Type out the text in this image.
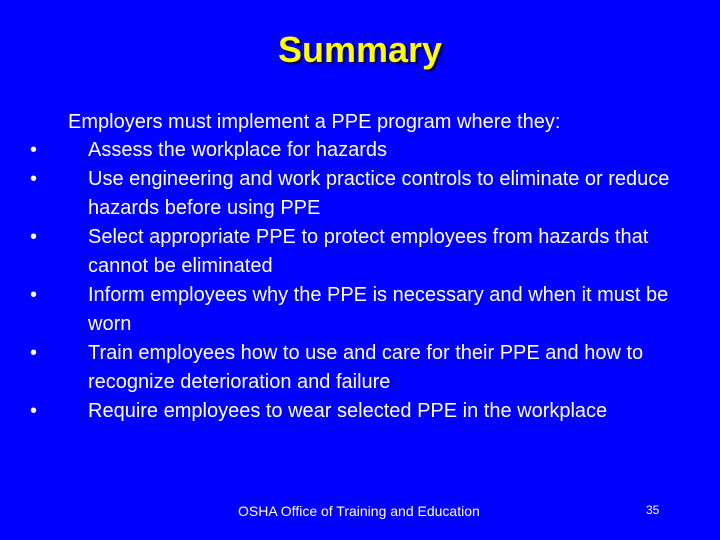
Summary
Employers must implement a PPE program where they:
•	Assess the workplace for hazards
•	Use engineering and work practice controls to eliminate or reduce hazards before using PPE
•	Select appropriate PPE to protect employees from hazards that cannot be eliminated
•	Inform employees why the PPE is necessary and when it must be worn
•	Train employees how to use and care for their PPE and how to recognize deterioration and failure
•	Require employees to wear selected PPE in the workplace
OSHA Office of Training and Education	35
